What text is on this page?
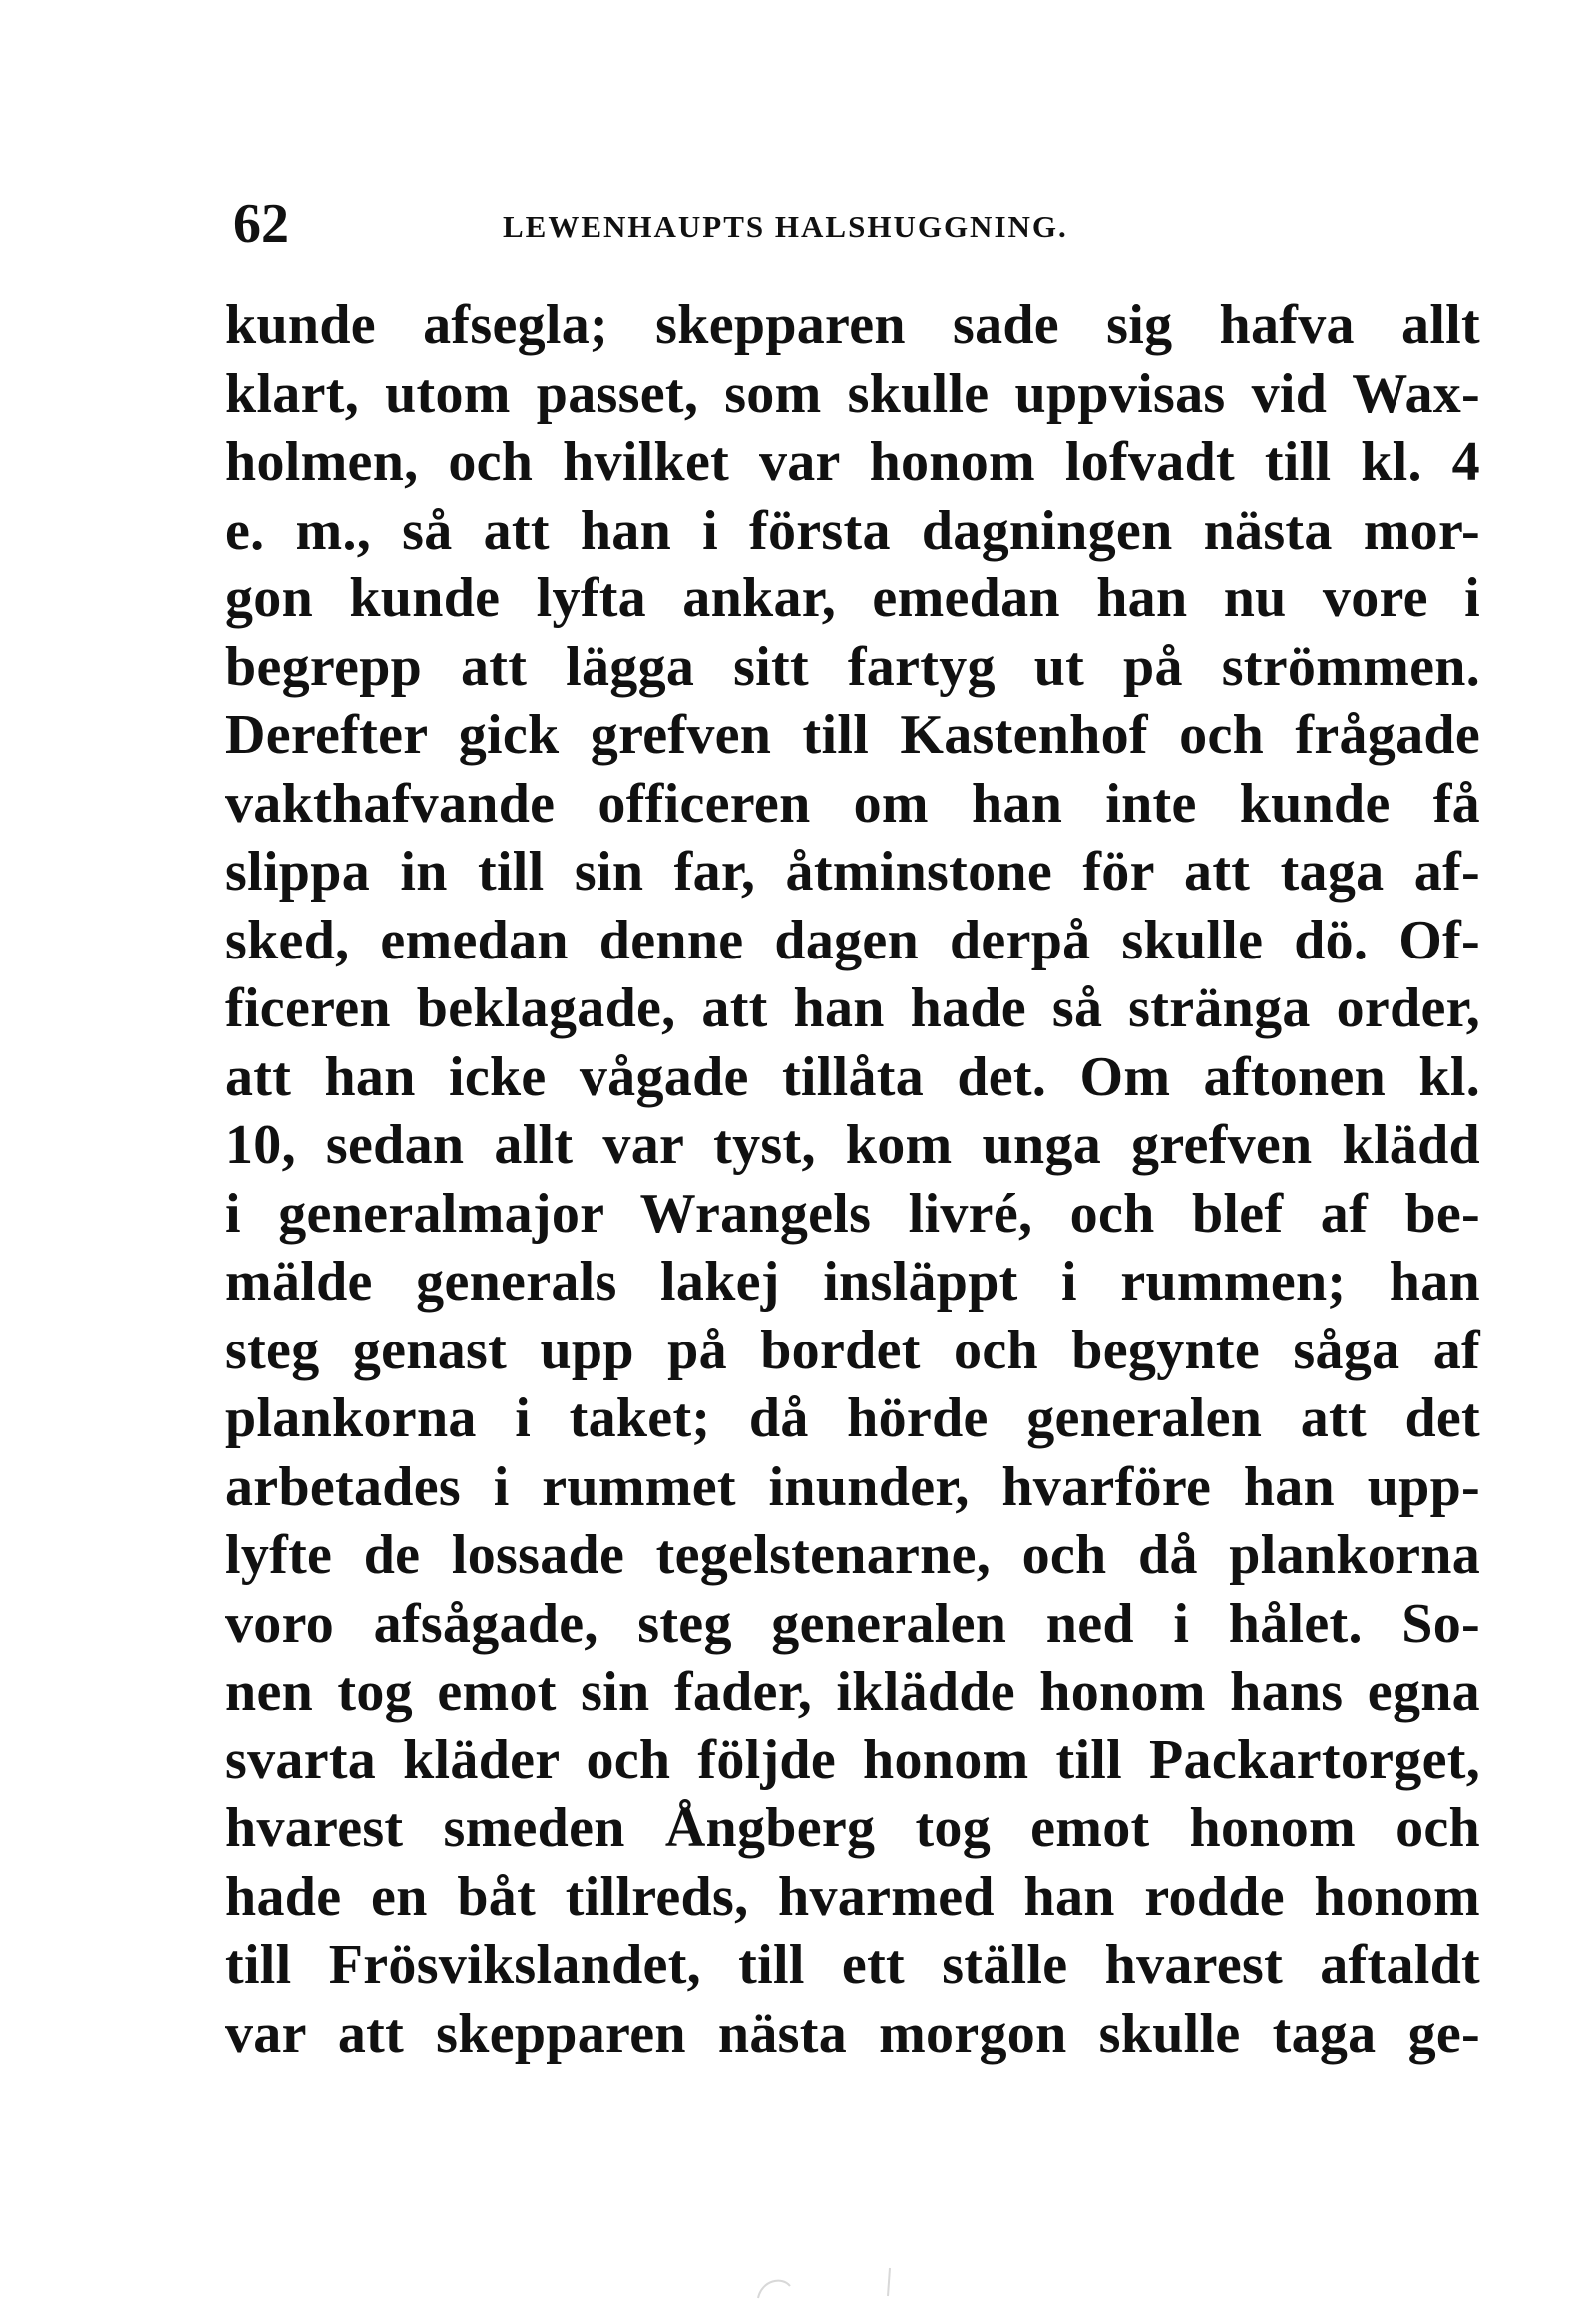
62	LEWENHAUPTS HALSHUGGNING.
kunde afsegla; skepparen sade sig hafva allt
klart, utom passet, som skulle uppvisas vid Wax-
holmen, och hvilket var honom lofvadt till kl. 4
e. m., så att han i första dagningen nästa mor-
gon kunde lyfta ankar, emedan han nu vore i
begrepp att lägga sitt fartyg ut på strömmen.
Derefter gick grefven till Kastenhof och frågade
vakthafvande officeren om han inte kunde få
slippa in till sin far, åtminstone för att taga af-
sked, emedan denne dagen derpå skulle dö. Of-
ficeren beklagade, att han hade så stränga order,
att han icke vågade tillåta det. Om aftonen kl.
10, sedan allt var tyst, kom unga grefven klädd
i generalmajor Wrangels livré, och blef af be-
mälde generals lakej insläppt i rummen; han
steg genast upp på bordet och begynte såga af
plankorna i taket; då hörde generalen att det
arbetades i rummet inunder, hvarföre han upp-
lyfte de lossade tegelstenarne, och då plankorna
voro afsågade, steg generalen ned i hålet. So-
nen tog emot sin fader, iklädde honom hans egna
svarta kläder och följde honom till Packartorget,
hvarest smeden Ångberg tog emot honom och
hade en båt tillreds, hvarmed han rodde honom
till Frösvikslandet, till ett ställe hvarest aftaldt
var att skepparen nästa morgon skulle taga ge-
